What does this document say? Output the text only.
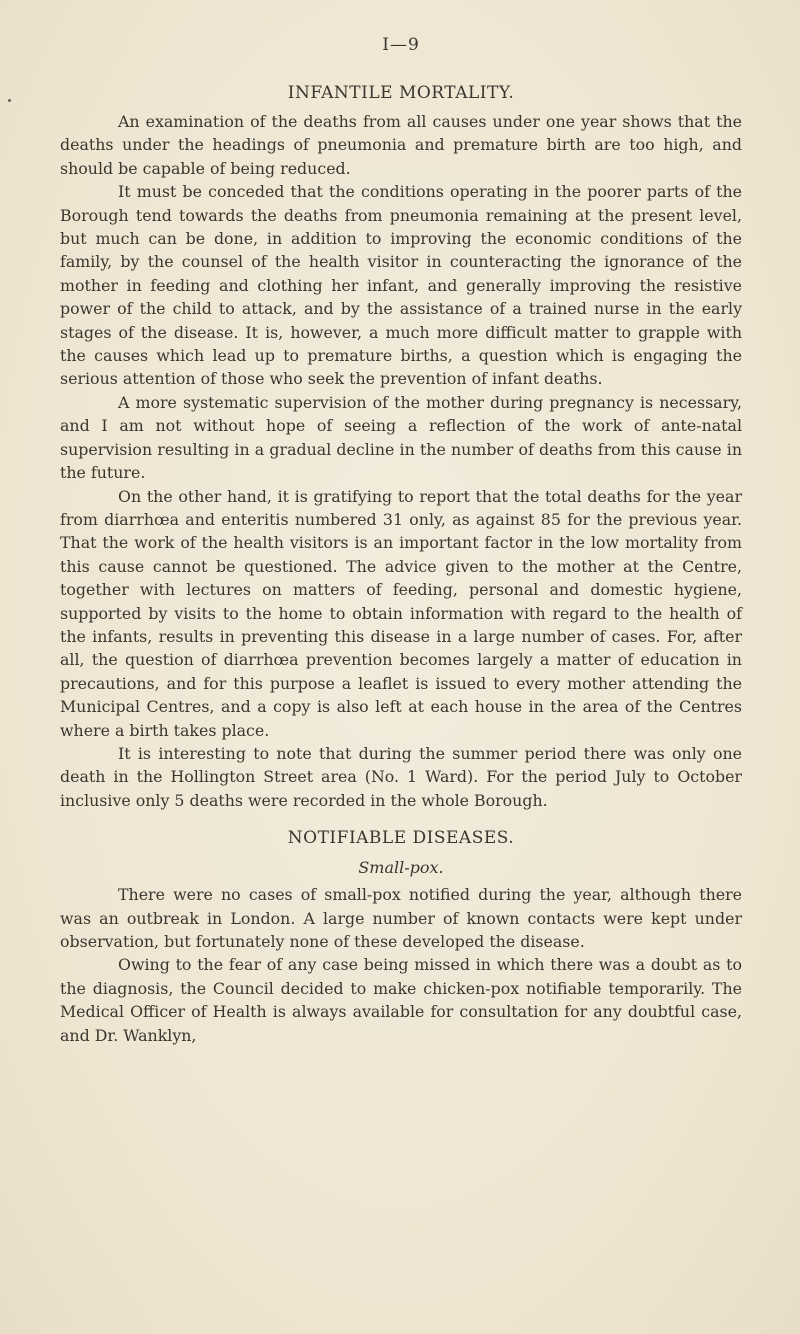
I—9
INFANTILE MORTALITY.

An examination of the deaths from all causes under one year shows that the deaths under the headings of pneumonia and premature birth are too high, and should be capable of being reduced.

It must be conceded that the conditions operating in the poorer parts of the Borough tend towards the deaths from pneumonia remaining at the present level, but much can be done, in addition to improving the economic conditions of the family, by the counsel of the health visitor in counteracting the ignorance of the mother in feeding and clothing her infant, and generally improving the resistive power of the child to attack, and by the assistance of a trained nurse in the early stages of the disease. It is, however, a much more difficult matter to grapple with the causes which lead up to premature births, a question which is engaging the serious attention of those who seek the prevention of infant deaths.

A more systematic supervision of the mother during pregnancy is necessary, and I am not without hope of seeing a reflection of the work of ante-natal supervision resulting in a gradual decline in the number of deaths from this cause in the future.

On the other hand, it is gratifying to report that the total deaths for the year from diarrhœa and enteritis numbered 31 only, as against 85 for the previous year. That the work of the health visitors is an important factor in the low mortality from this cause cannot be questioned. The advice given to the mother at the Centre, together with lectures on matters of feeding, personal and domestic hygiene, supported by visits to the home to obtain information with regard to the health of the infants, results in preventing this disease in a large number of cases. For, after all, the question of diarrhœa prevention becomes largely a matter of education in precautions, and for this purpose a leaflet is issued to every mother attending the Municipal Centres, and a copy is also left at each house in the area of the Centres where a birth takes place.

It is interesting to note that during the summer period there was only one death in the Hollington Street area (No. 1 Ward). For the period July to October inclusive only 5 deaths were recorded in the whole Borough.

NOTIFIABLE DISEASES.
Small-pox.

There were no cases of small-pox notified during the year, although there was an outbreak in London. A large number of known contacts were kept under observation, but fortunately none of these developed the disease.

Owing to the fear of any case being missed in which there was a doubt as to the diagnosis, the Council decided to make chicken-pox notifiable temporarily. The Medical Officer of Health is always available for consultation for any doubtful case, and Dr. Wanklyn,
